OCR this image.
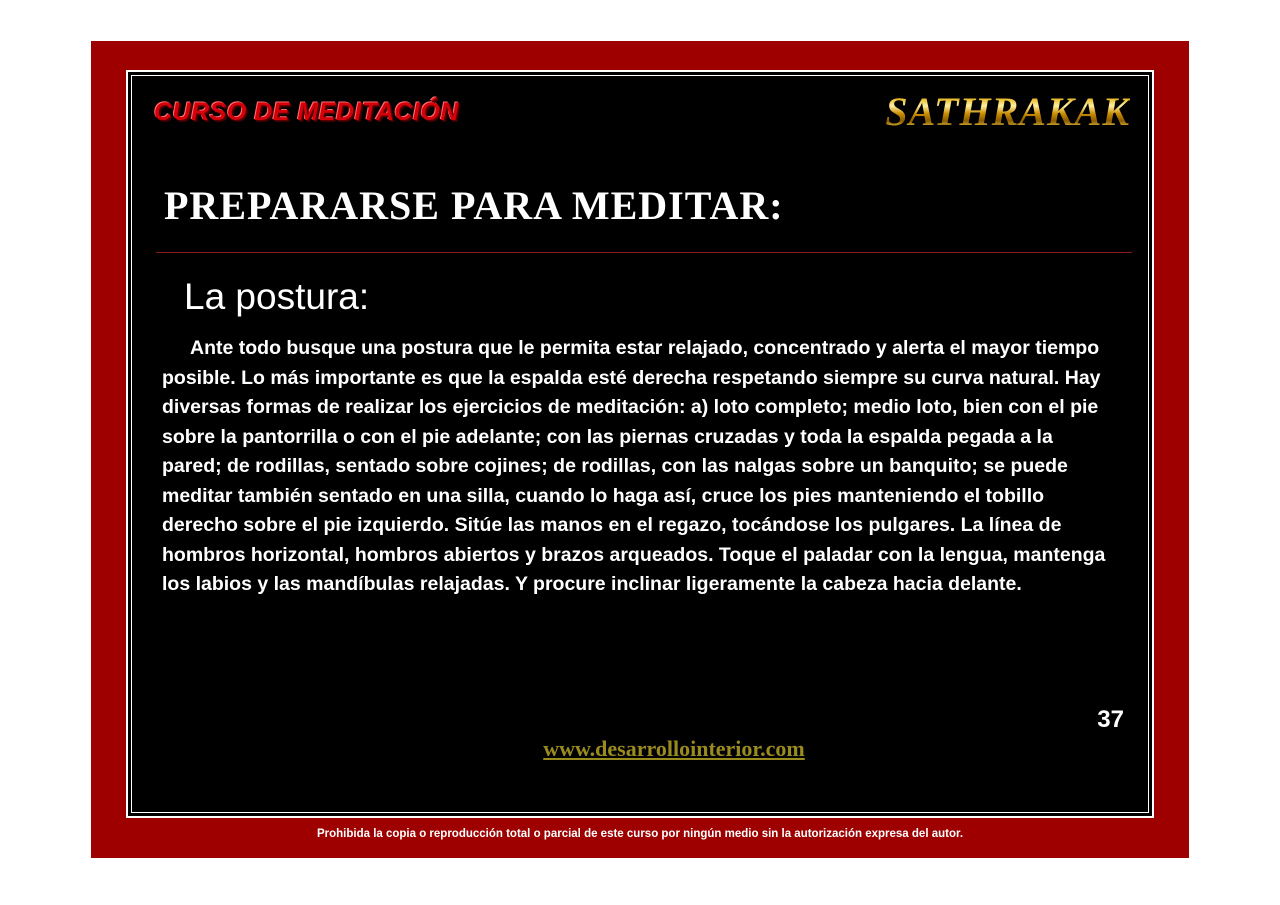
CURSO DE MEDITACIÓN	SATHRAKAK
PREPARARSE PARA MEDITAR:
La postura:
Ante todo busque una postura que le permita estar relajado, concentrado y alerta el mayor tiempo posible. Lo más importante es que la espalda esté derecha respetando siempre su curva natural. Hay diversas formas de realizar los ejercicios de meditación: a) loto completo; medio loto, bien con el pie sobre la pantorrilla o con el pie adelante; con las piernas cruzadas y toda la espalda pegada a la pared; de rodillas, sentado sobre cojines; de rodillas, con las nalgas sobre un banquito; se puede meditar también sentado en una silla, cuando lo haga así, cruce los pies manteniendo el tobillo derecho sobre el pie izquierdo. Sitúe las manos en el regazo, tocándose los pulgares. La línea de hombros horizontal, hombros abiertos y brazos arqueados. Toque el paladar con la lengua, mantenga los labios y las mandíbulas relajadas. Y procure inclinar ligeramente la cabeza hacia delante.
37
www.desarrollointerior.com
Prohibida la copia o reproducción total o parcial de este curso por ningún medio sin la autorización expresa del autor.
